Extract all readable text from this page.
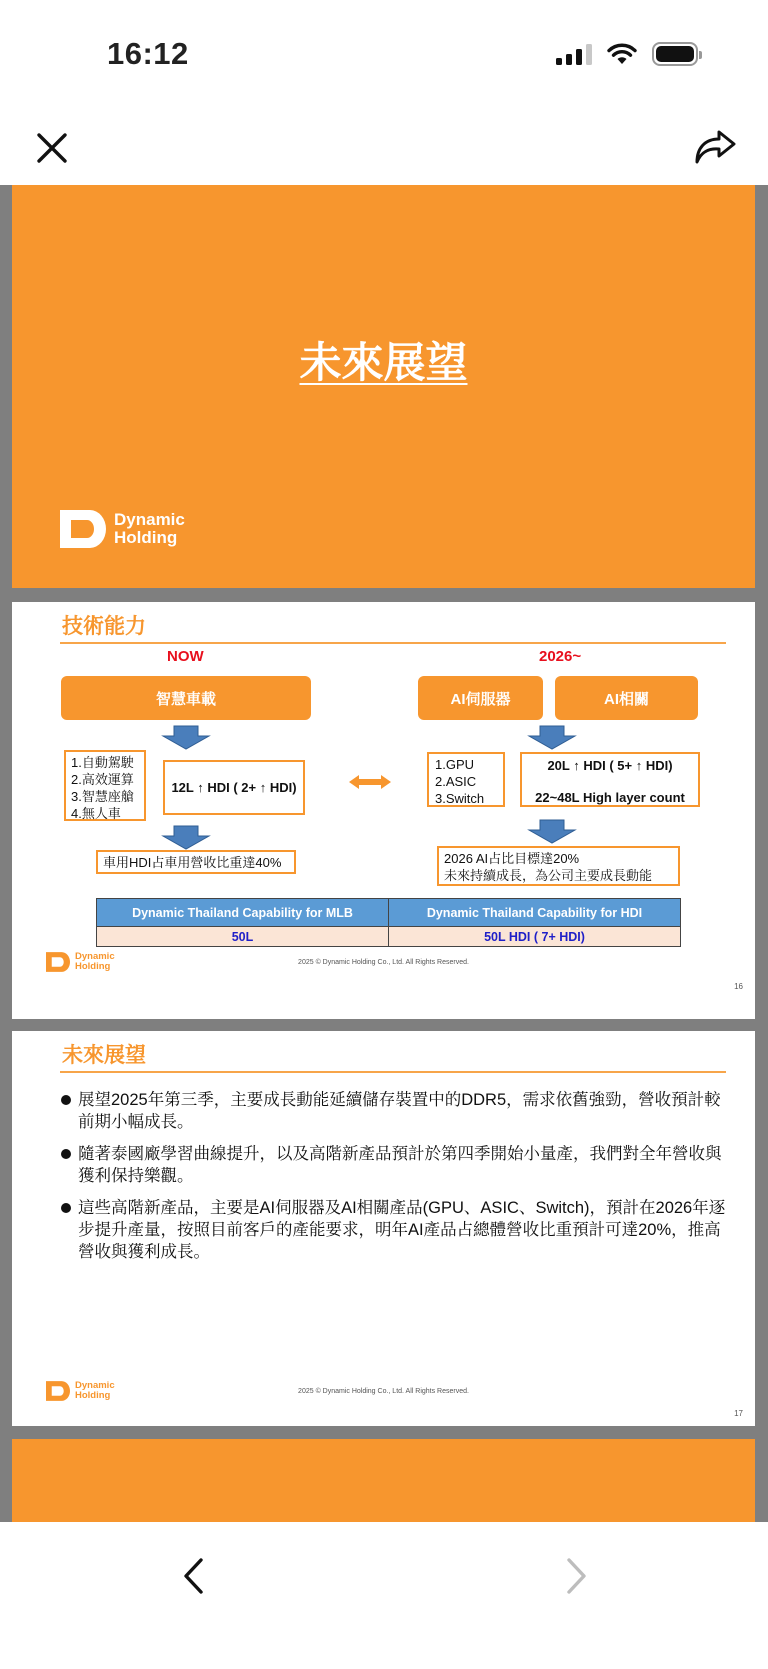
16:12
未來展望
Dynamic
Holding
技術能力
NOW	2026~
智慧車載	AI伺服器	AI相關
1.自動駕駛
2.高效運算
3.智慧座艙
4.無人車
12L ↑ HDI ( 2+ ↑ HDI)
1.GPU
2.ASIC
3.Switch
20L ↑ HDI ( 5+ ↑ HDI)
22~48L High layer count
車用HDI占車用營收比重達40%	2026 AI占比目標達20%
未來持續成長，為公司主要成長動能
Dynamic Thailand Capability for MLB	Dynamic Thailand Capability for HDI
50L	50L HDI ( 7+ HDI)
Dynamic
Holding	2025 © Dynamic Holding Co., Ltd. All Rights Reserved.
16
未來展望
展望2025年第三季，主要成長動能延續儲存裝置中的DDR5，需求依舊強勁，營收預計較前期小幅成長。
隨著泰國廠學習曲線提升，以及高階新產品預計於第四季開始小量產，我們對全年營收與獲利保持樂觀。
這些高階新產品，主要是AI伺服器及AI相關產品(GPU、ASIC、Switch)，預計在2026年逐步提升產量，按照目前客戶的產能要求，明年AI產品占總體營收比重預計可達20%，推高營收與獲利成長。
Dynamic
Holding	2025 © Dynamic Holding Co., Ltd. All Rights Reserved.
17
